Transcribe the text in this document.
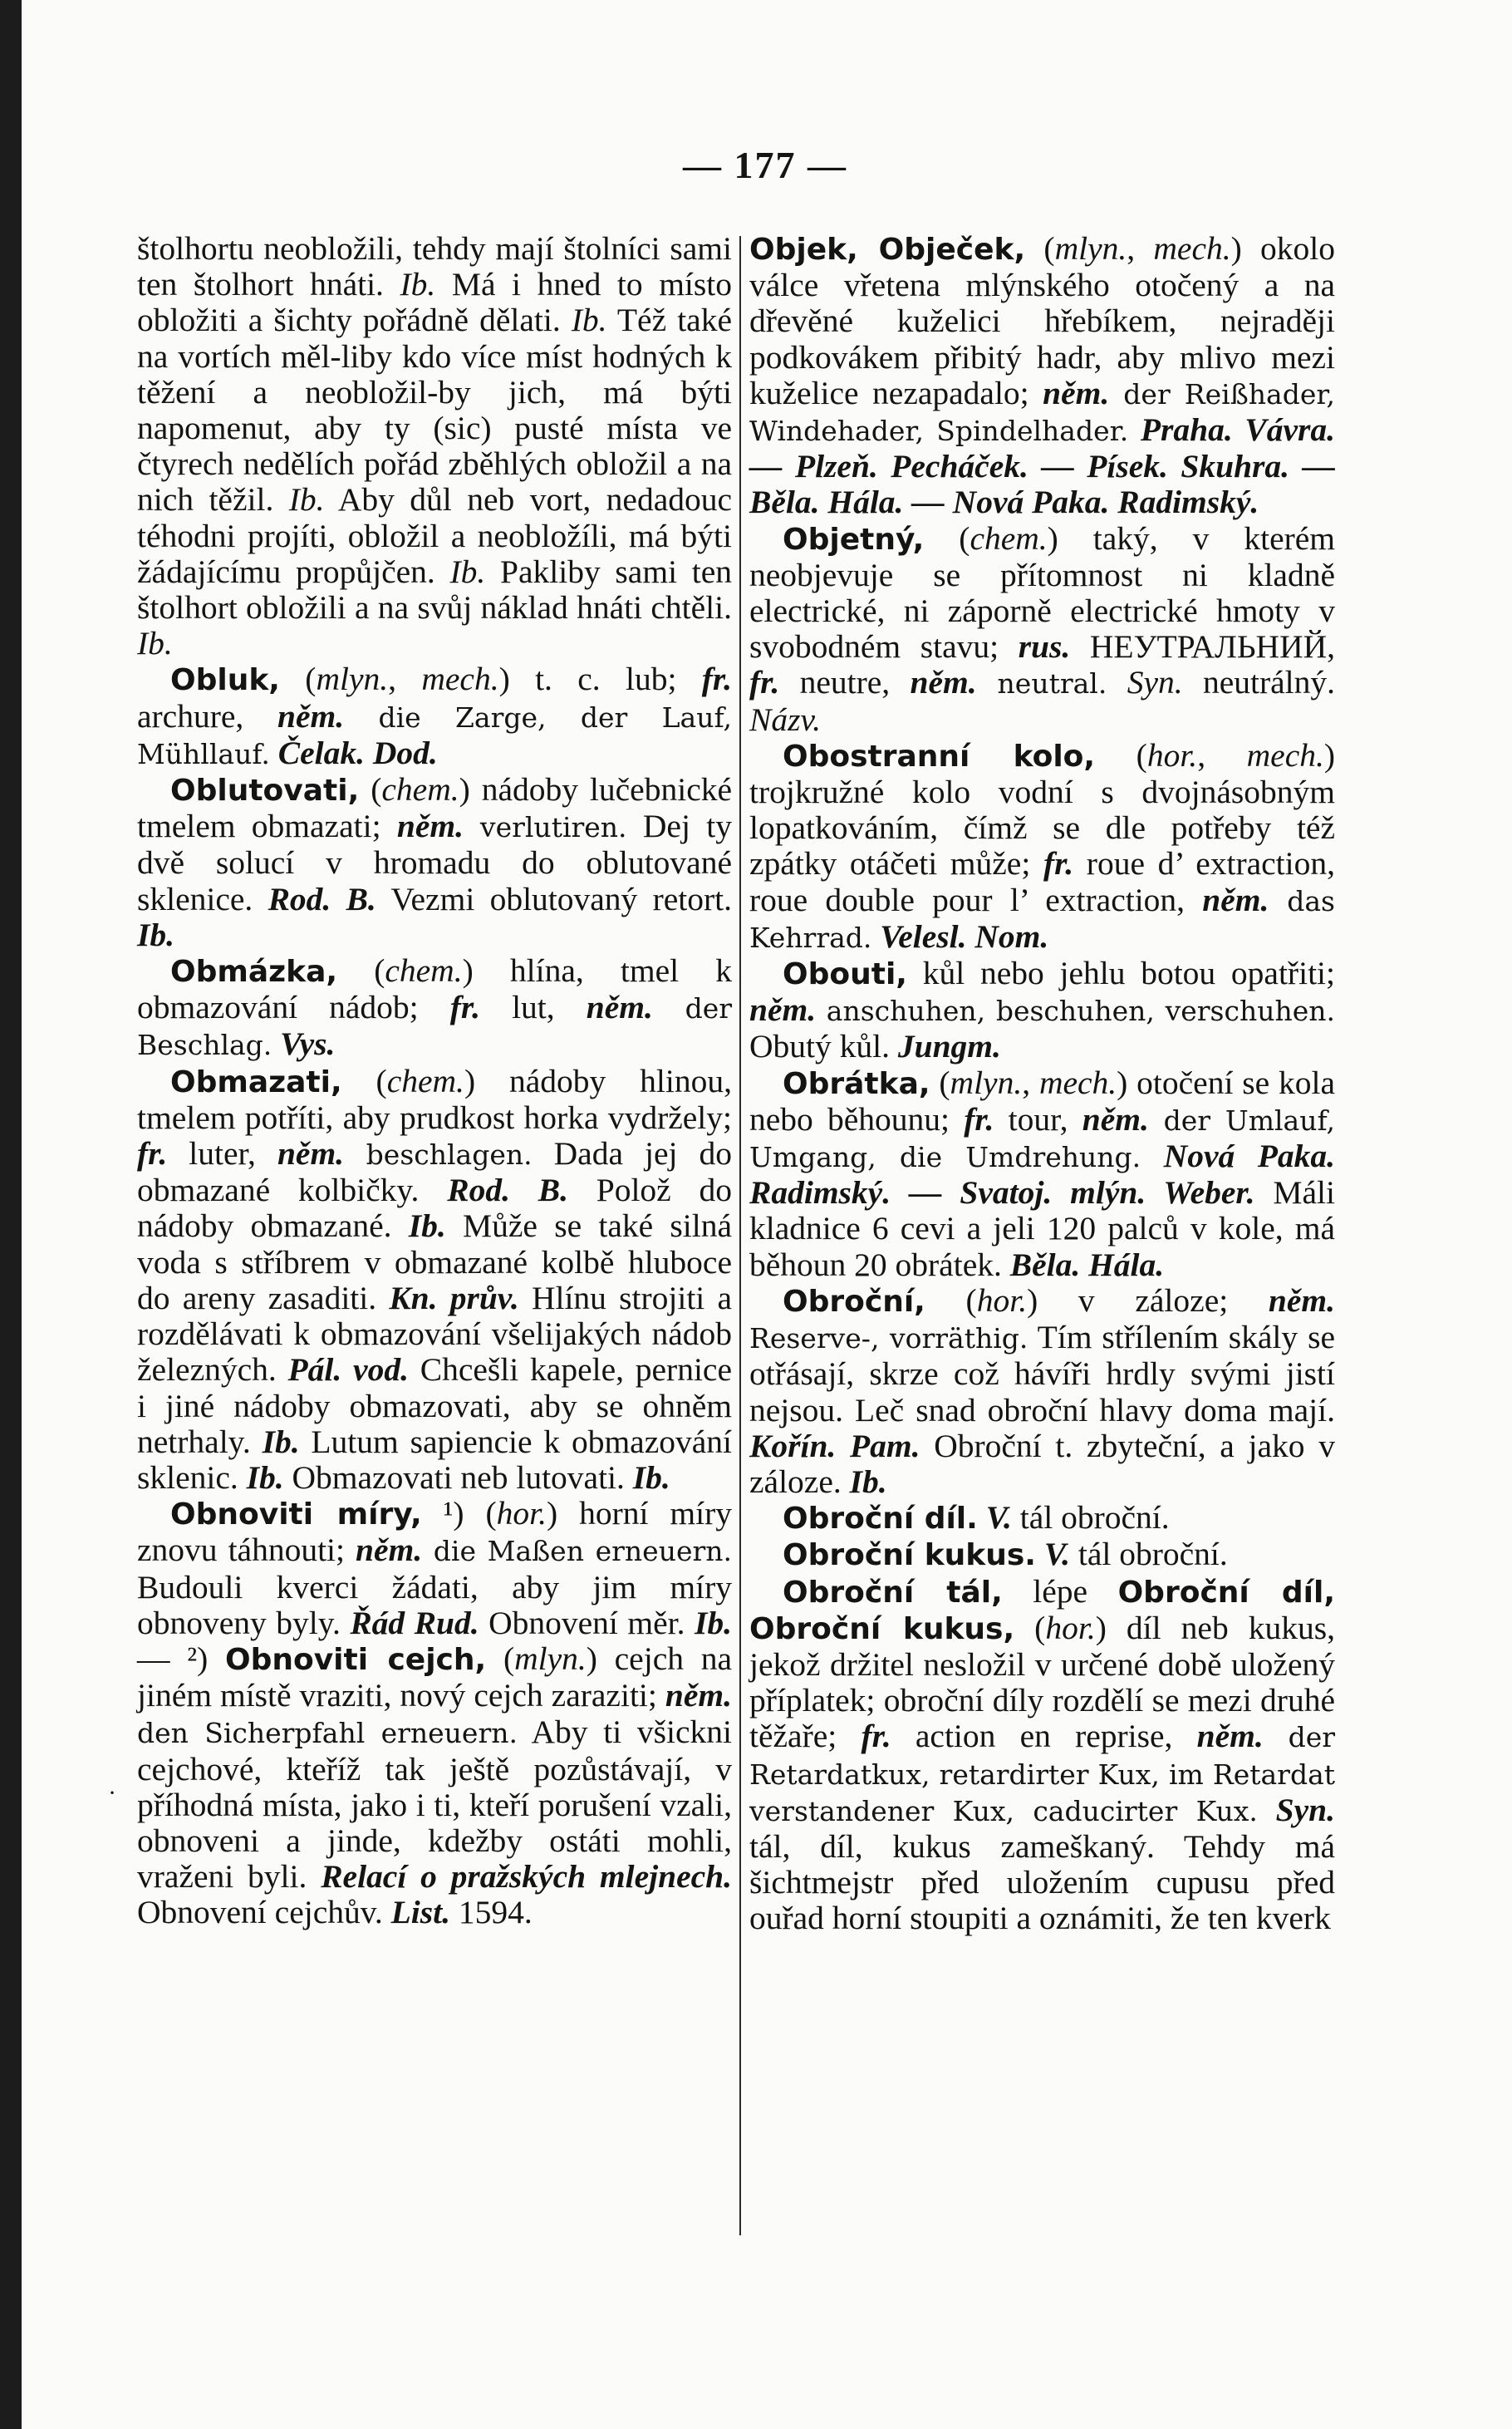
— 177 —
·

štolhortu neobložili, tehdy mají štolníci sami ten štolhort hnáti. Ib. Má i hned to místo obložiti a šichty pořádně dělati. Ib. Též také na vortích měl-liby kdo více míst hodných k těžení a neobložil-by jich, má býti napomenut, aby ty (sic) pusté místa ve čtyrech nedělích pořád zběhlých obložil a na nich těžil. Ib. Aby důl neb vort, nedadouc téhodni projíti, obložil a neobložíli, má býti žádajícímu propůjčen. Ib. Pakliby sami ten štolhort obložili a na svůj náklad hnáti chtěli. Ib.

Obluk, (mlyn., mech.) t. c. lub; fr. archure, něm. die Zarge, der Lauf, Mühllauf. Čelak. Dod.

Oblutovati, (chem.) nádoby lučebnické tmelem obmazati; něm. verlutiren. Dej ty dvě solucí v hromadu do oblutované sklenice. Rod. B. Vezmi oblutovaný retort. Ib.

Obmázka, (chem.) hlína, tmel k obmazování nádob; fr. lut, něm. der Beschlag. Vys.

Obmazati, (chem.) nádoby hlinou, tmelem potříti, aby prudkost horka vydržely; fr. luter, něm. beschlagen. Dada jej do obmazané kolbičky. Rod. B. Polož do nádoby obmazané. Ib. Může se také silná voda s stříbrem v obmazané kolbě hluboce do areny zasaditi. Kn. prův. Hlínu strojiti a rozdělávati k obmazování všelijakých nádob železných. Pál. vod. Chcešli kapele, pernice i jiné nádoby obmazovati, aby se ohněm netrhaly. Ib. Lutum sapiencie k obmazování sklenic. Ib. Obmazovati neb lutovati. Ib.

Obnoviti míry, ¹) (hor.) horní míry znovu táhnouti; něm. die Maßen erneuern. Budouli kverci žádati, aby jim míry obnoveny byly. Řád Rud. Obnovení měr. Ib. — ²) Obnoviti cejch, (mlyn.) cejch na jiném místě vraziti, nový cejch zaraziti; něm. den Sicherpfahl erneuern. Aby ti všickni cejchové, kteříž tak ještě pozůstávají, v příhodná místa, jako i ti, kteří porušení vzali, obnoveni a jinde, kdežby ostáti mohli, vraženi byli. Relací o pražských mlejnech. Obnovení cejchův. List. 1594.

Objek, Obječek, (mlyn., mech.) okolo válce vřetena mlýnského otočený a na dřevěné kuželici hřebíkem, nejraději podkovákem přibitý hadr, aby mlivo mezi kuželice nezapadalo; něm. der Reißhader, Windehader, Spindelhader. Praha. Vávra. — Plzeň. Pecháček. — Písek. Skuhra. — Běla. Hála. — Nová Paka. Radimský.

Objetný, (chem.) taký, v kterém neobjevuje se přítomnost ni kladně electrické, ni záporně electrické hmoty v svobodném stavu; rus. НЕУТРАЛЬНИЙ, fr. neutre, něm. neutral. Syn. neutrálný. Názv.

Obostranní kolo, (hor., mech.) trojkružné kolo vodní s dvojnásobným lopatkováním, čímž se dle potřeby též zpátky otáčeti může; fr. roue d’ extraction, roue double pour l’ extraction, něm. das Kehrrad. Velesl. Nom.

Obouti, kůl nebo jehlu botou opatřiti; něm. anschuhen, beschuhen, verschuhen. Obutý kůl. Jungm.

Obrátka, (mlyn., mech.) otočení se kola nebo běhounu; fr. tour, něm. der Umlauf, Umgang, die Umdrehung. Nová Paka. Radimský. — Svatoj. mlýn. Weber. Máli kladnice 6 cevi a jeli 120 palců v kole, má běhoun 20 obrátek. Běla. Hála.

Obroční, (hor.) v záloze; něm. Reserve-, vorräthig. Tím střílením skály se otřásají, skrze což hávíři hrdly svými jistí nejsou. Leč snad obroční hlavy doma mají. Kořín. Pam. Obroční t. zbyteční, a jako v záloze. Ib.

Obroční díl. V. tál obroční.

Obroční kukus. V. tál obroční.

Obroční tál, lépe Obroční díl, Obroční kukus, (hor.) díl neb kukus, jekož držitel nesložil v určené době uložený příplatek; obroční díly rozdělí se mezi druhé těžaře; fr. action en reprise, něm. der Retardatkux, retardirter Kux, im Retardat verstandener Kux, caducirter Kux. Syn. tál, díl, kukus zameškaný. Tehdy má šichtmejstr před uložením cupusu před ouřad horní stoupiti a oznámiti, že ten kverk
